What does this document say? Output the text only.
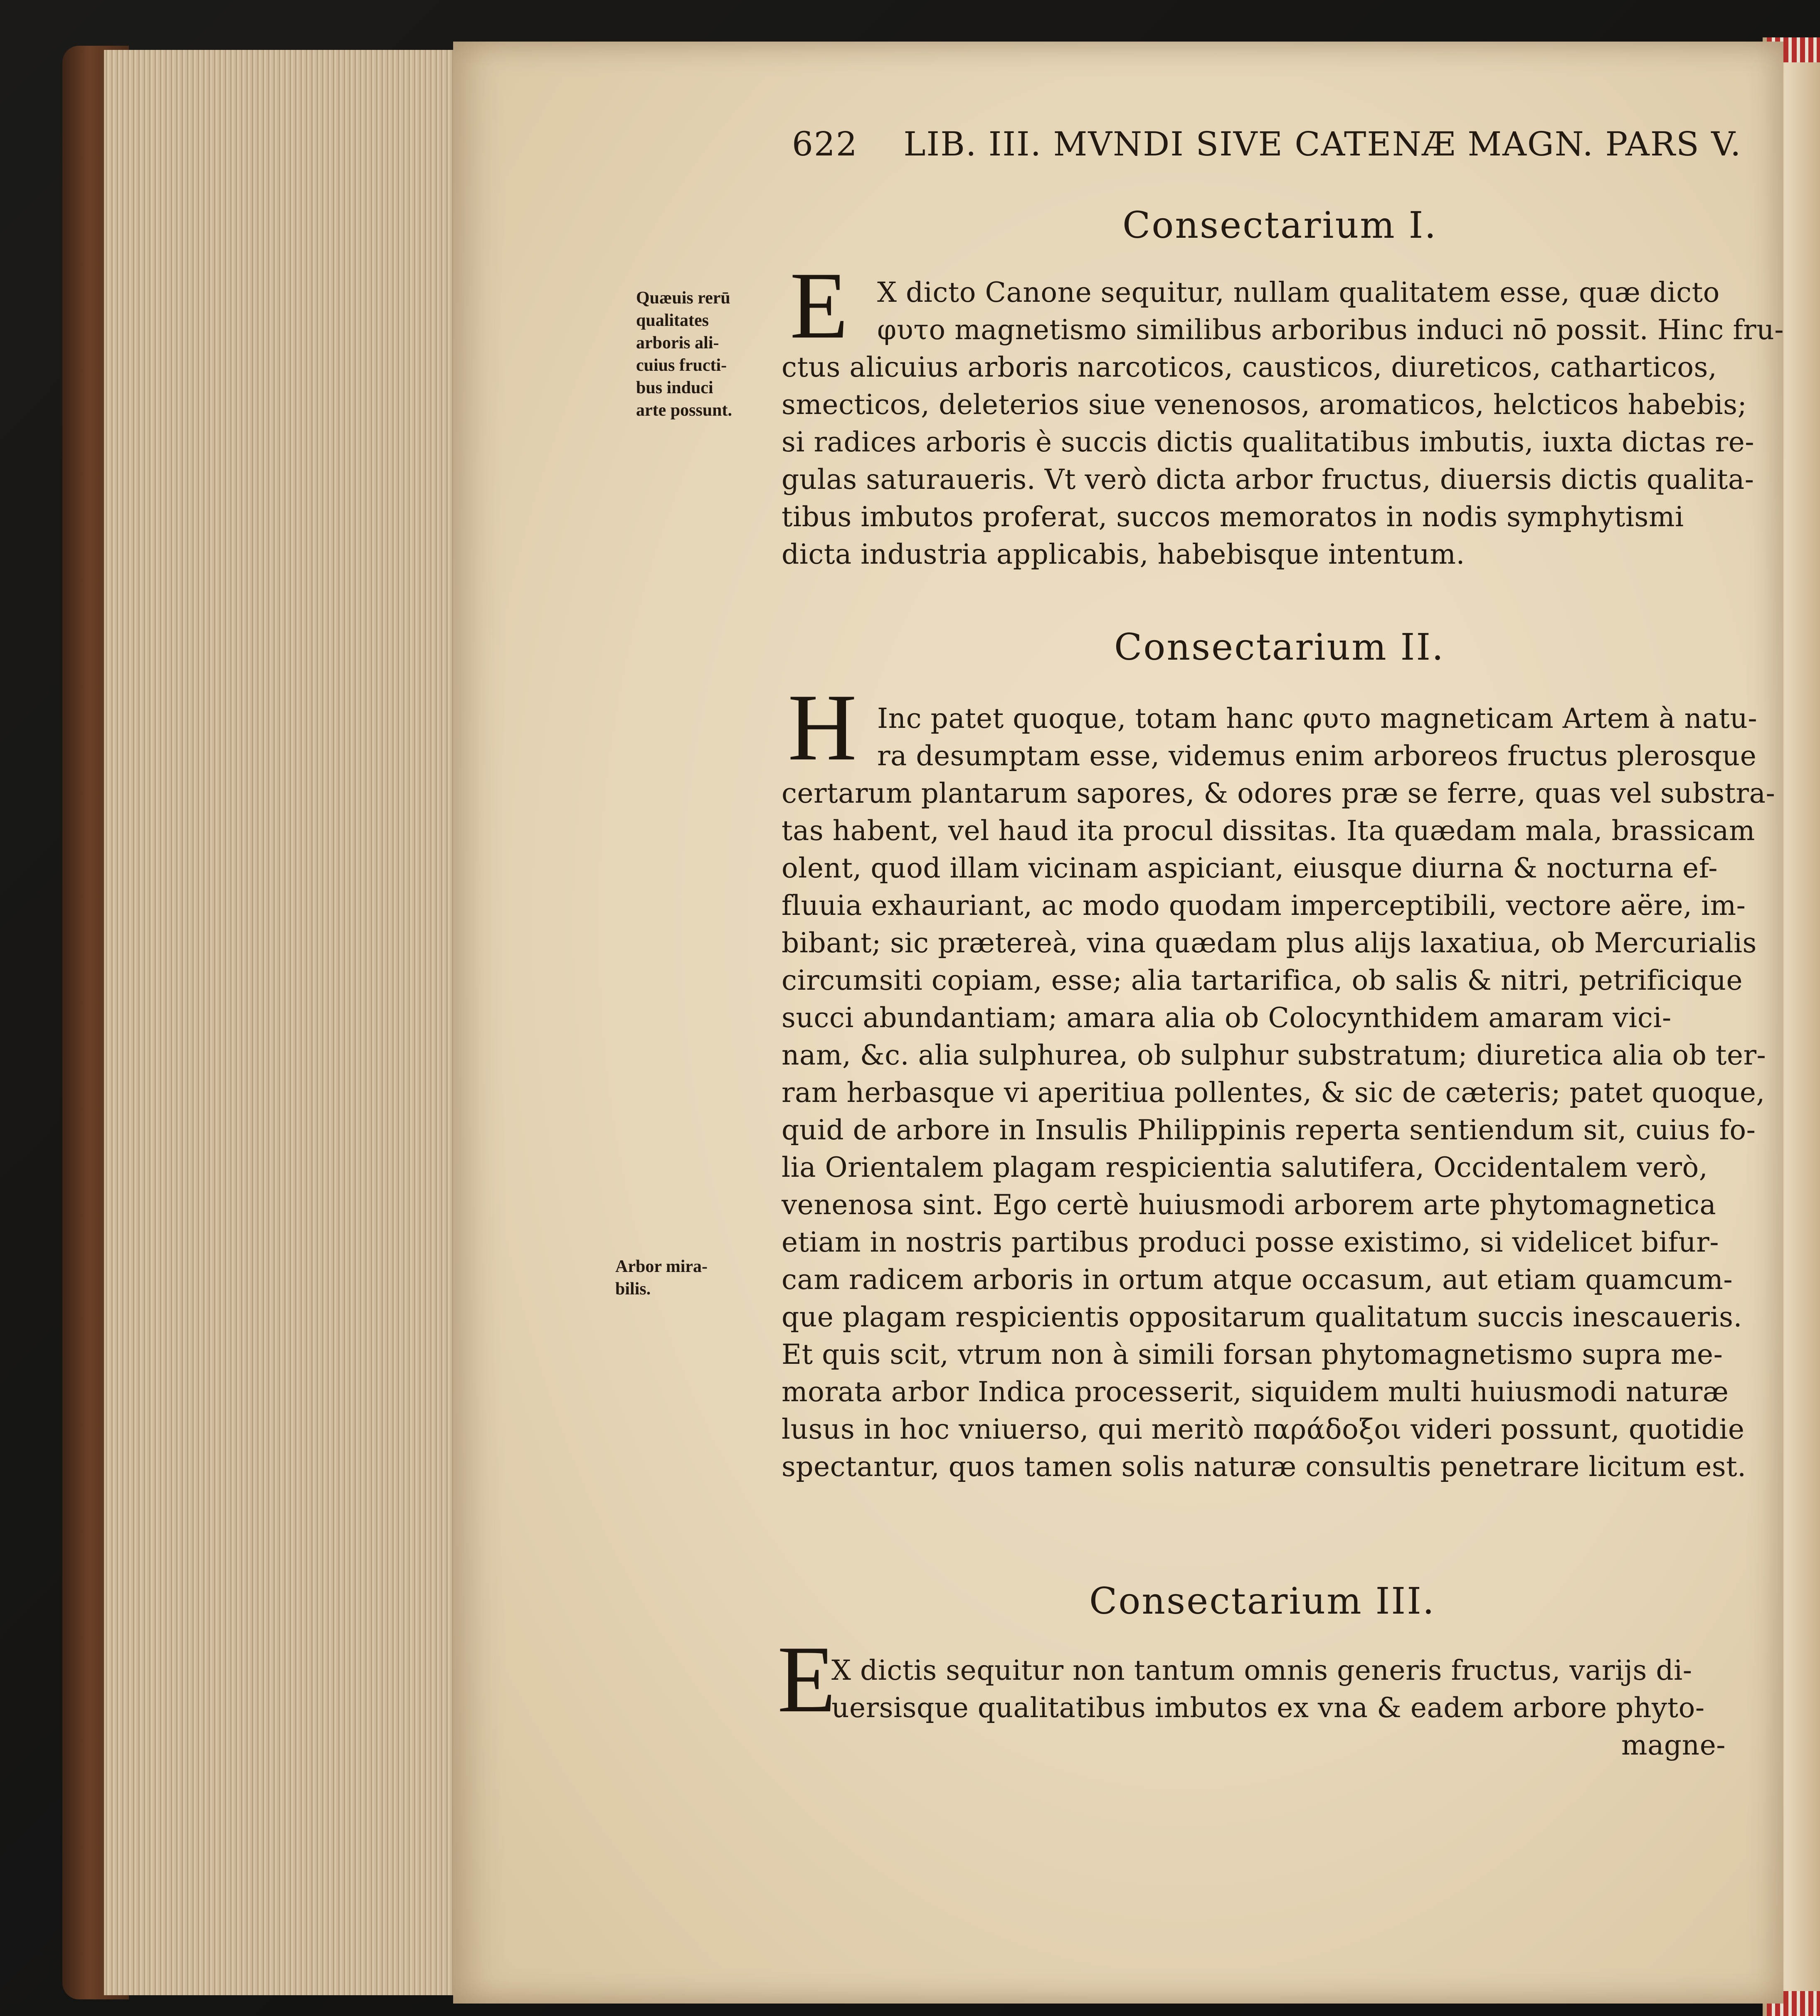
622 LIB. III. MVNDI SIVE CATENÆ MAGN. PARS V.
Consectarium I.
E X dicto Canone sequitur, nullam qualitatem esse, quæ dicto
φυτο magnetismo similibus arboribus induci nō possit. Hinc fru-
ctus alicuius arboris narcoticos, causticos, diureticos, catharticos,
smecticos, deleterios siue venenosos, aromaticos, helcticos habebis;
si radices arboris è succis dictis qualitatibus imbutis, iuxta dictas re-
gulas saturaueris. Vt verò dicta arbor fructus, diuersis dictis qualita-
tibus imbutos proferat, succos memoratos in nodis symphytismi
dicta industria applicabis, habebisque intentum.
Quæuis rerū
qualitates
arboris ali-
cuius fructi-
bus induci
arte possunt.
Consectarium II.
H Inc patet quoque, totam hanc φυτο magneticam Artem à natu-
ra desumptam esse, videmus enim arboreos fructus plerosque
certarum plantarum sapores, & odores præ se ferre, quas vel substra-
tas habent, vel haud ita procul dissitas. Ita quædam mala, brassicam
olent, quod illam vicinam aspiciant, eiusque diurna & nocturna ef-
fluuia exhauriant, ac modo quodam imperceptibili, vectore aëre, im-
bibant; sic prætereà, vina quædam plus alijs laxatiua, ob Mercurialis
circumsiti copiam, esse; alia tartarifica, ob salis & nitri, petrificique
succi abundantiam; amara alia ob Colocynthidem amaram vici-
nam, &c. alia sulphurea, ob sulphur substratum; diuretica alia ob ter-
ram herbasque vi aperitiua pollentes, & sic de cæteris; patet quoque,
quid de arbore in Insulis Philippinis reperta sentiendum sit, cuius fo-
lia Orientalem plagam respicientia salutifera, Occidentalem verò,
venenosa sint. Ego certè huiusmodi arborem arte phytomagnetica
etiam in nostris partibus produci posse existimo, si videlicet bifur-
cam radicem arboris in ortum atque occasum, aut etiam quamcum-
que plagam respicientis oppositarum qualitatum succis inescaueris.
Et quis scit, vtrum non à simili forsan phytomagnetismo supra me-
morata arbor Indica processerit, siquidem multi huiusmodi naturæ
lusus in hoc vniuerso, qui meritò παράδοξοι videri possunt, quotidie
spectantur, quos tamen solis naturæ consultis penetrare licitum est.
Arbor mira-
bilis.
Consectarium III.
E
X dictis sequitur non tantum omnis generis fructus, varijs di-
uersisque qualitatibus imbutos ex vna & eadem arbore phyto-
magne-
